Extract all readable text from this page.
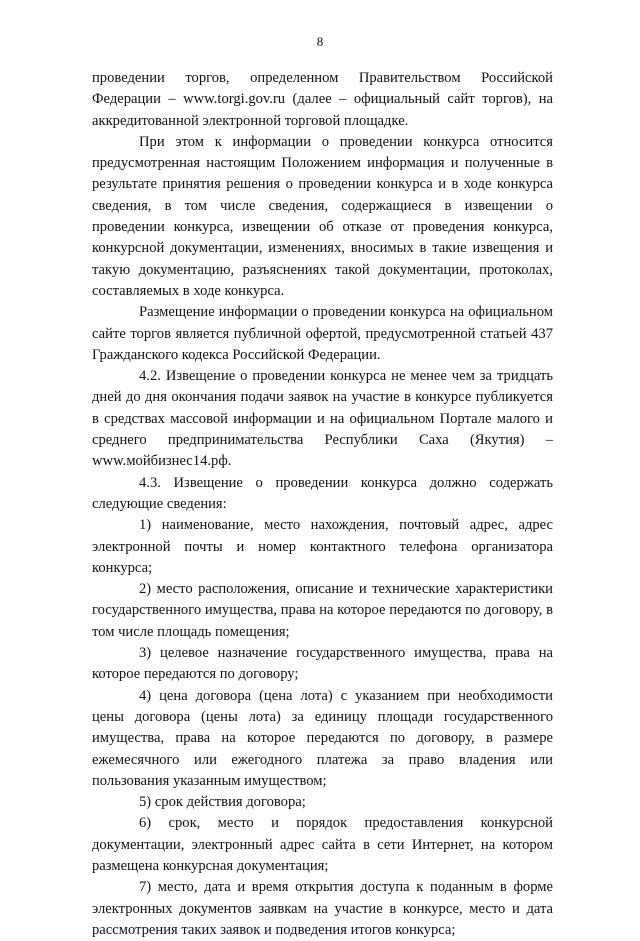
8

проведении торгов, определенном Правительством Российской Федерации – www.torgi.gov.ru (далее – официальный сайт торгов), на аккредитованной электронной торговой площадке.

При этом к информации о проведении конкурса относится предусмотренная настоящим Положением информация и полученные в результате принятия решения о проведении конкурса и в ходе конкурса сведения, в том числе сведения, содержащиеся в извещении о проведении конкурса, извещении об отказе от проведения конкурса, конкурсной документации, изменениях, вносимых в такие извещения и такую документацию, разъяснениях такой документации, протоколах, составляемых в ходе конкурса.

Размещение информации о проведении конкурса на официальном сайте торгов является публичной офертой, предусмотренной статьей 437 Гражданского кодекса Российской Федерации.

4.2. Извещение о проведении конкурса не менее чем за тридцать дней до дня окончания подачи заявок на участие в конкурсе публикуется в средствах массовой информации и на официальном Портале малого и среднего предпринимательства Республики Саха (Якутия) – www.мойбизнес14.рф.

4.3. Извещение о проведении конкурса должно содержать следующие сведения:

1) наименование, место нахождения, почтовый адрес, адрес электронной почты и номер контактного телефона организатора конкурса;

2) место расположения, описание и технические характеристики государственного имущества, права на которое передаются по договору, в том числе площадь помещения;

3) целевое назначение государственного имущества, права на которое передаются по договору;

4) цена договора (цена лота) с указанием при необходимости цены договора (цены лота) за единицу площади государственного имущества, права на которое передаются по договору, в размере ежемесячного или ежегодного платежа за право владения или пользования указанным имуществом;

5) срок действия договора;

6) срок, место и порядок предоставления конкурсной документации, электронный адрес сайта в сети Интернет, на котором размещена конкурсная документация;

7) место, дата и время открытия доступа к поданным в форме электронных документов заявкам на участие в конкурсе, место и дата рассмотрения таких заявок и подведения итогов конкурса;
